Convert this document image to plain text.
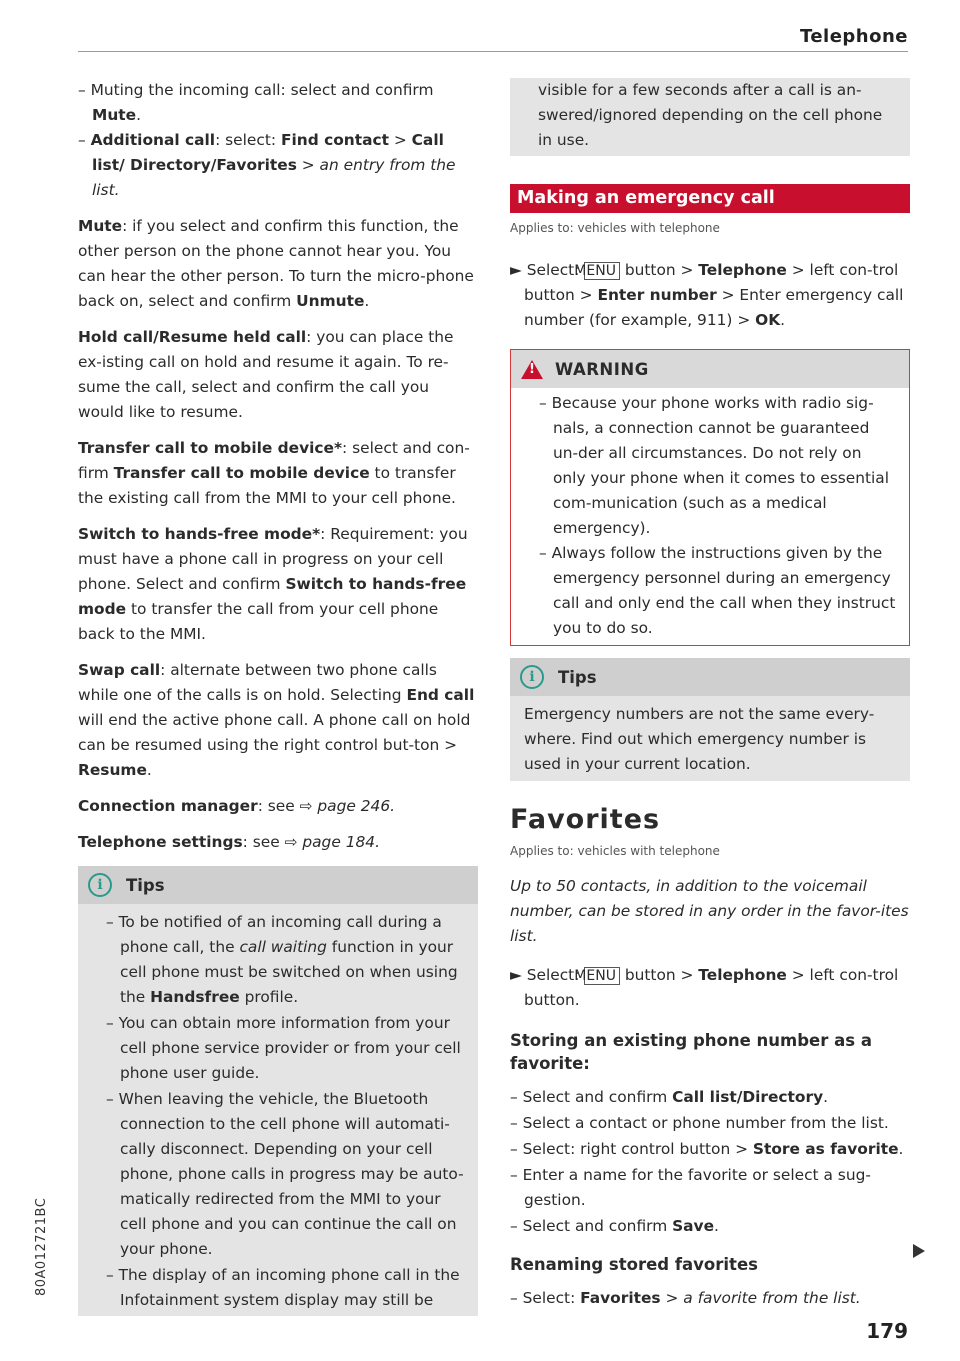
Telephone

– Muting the incoming call: select and confirm Mute.

– Additional call: select: Find contact > Call list/ Directory/Favorites > an entry from the list.

Mute: if you select and confirm this function, the other person on the phone cannot hear you. You can hear the other person. To turn the micro-phone back on, select and confirm Unmute.

Hold call/Resume held call: you can place the ex-isting call on hold and resume it again. To re-sume the call, select and confirm the call you would like to resume.

Transfer call to mobile device*: select and con-firm Transfer call to mobile device to transfer the existing call from the MMI to your cell phone.

Switch to hands-free mode*: Requirement: you must have a phone call in progress on your cell phone. Select and confirm Switch to hands-free mode to transfer the call from your cell phone back to the MMI.

Swap call: alternate between two phone calls while one of the calls is on hold. Selecting End call will end the active phone call. A phone call on hold can be resumed using the right control but-ton > Resume.

Connection manager: see ⇨ page 246.

Telephone settings: see ⇨ page 184.

i	Tips

– To be notified of an incoming call during a phone call, the call waiting function in your cell phone must be switched on when using the Handsfree profile.

– You can obtain more information from your cell phone service provider or from your cell phone user guide.

– When leaving the vehicle, the Bluetooth connection to the cell phone will automati-cally disconnect. Depending on your cell phone, phone calls in progress may be auto-matically redirected from the MMI to your cell phone and you can continue the call on your phone.

– The display of an incoming phone call in the Infotainment system display may still be

visible for a few seconds after a call is an-swered/ignored depending on the cell phone in use.
Making an emergency call
Applies to: vehicles with telephone

► Select: MENU button > Telephone > left con-trol button > Enter number > Enter emergency call number (for example, 911) > OK.

! WARNING

– Because your phone works with radio sig-nals, a connection cannot be guaranteed un-der all circumstances. Do not rely on only your phone when it comes to essential com-munication (such as a medical emergency).

– Always follow the instructions given by the emergency personnel during an emergency call and only end the call when they instruct you to do so.

i	Tips

Emergency numbers are not the same every-where. Find out which emergency number is used in your current location.

Favorites
Applies to: vehicles with telephone

Up to 50 contacts, in addition to the voicemail number, can be stored in any order in the favor-ites list.

► Select: MENU button > Telephone > left con-trol button.

Storing an existing phone number as a favorite:

– Select and confirm Call list/Directory.

– Select a contact or phone number from the list.

– Select: right control button > Store as favorite.

– Enter a name for the favorite or select a sug-gestion.

– Select and confirm Save.

Renaming stored favorites

– Select: Favorites > a favorite from the list.

179
80A012721BC
